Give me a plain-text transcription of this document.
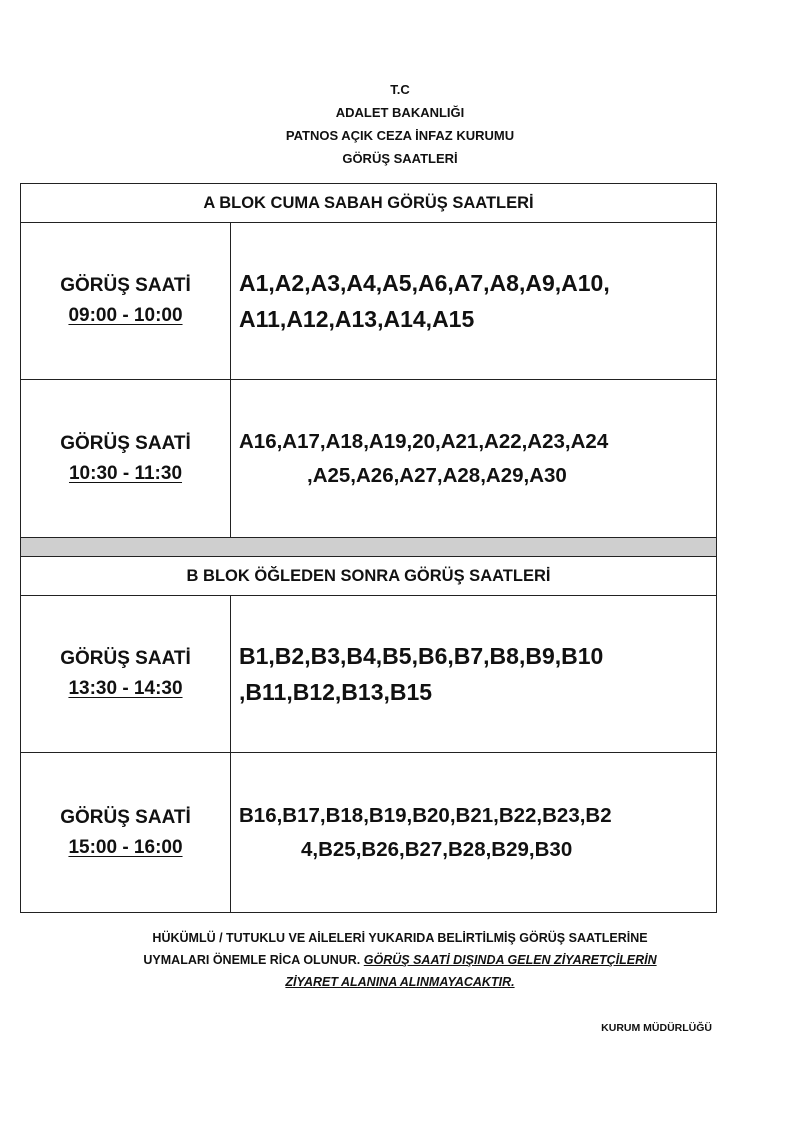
T.C
ADALET BAKANLIĞI
PATNOS AÇIK CEZA İNFAZ KURUMU
GÖRÜŞ SAATLERİ
A BLOK CUMA SABAH GÖRÜŞ SAATLERİ
GÖRÜŞ SAATİ
09:00 - 10:00
A1,A2,A3,A4,A5,A6,A7,A8,A9,A10,
A11,A12,A13,A14,A15
GÖRÜŞ SAATİ
10:30 - 11:30
A16,A17,A18,A19,20,A21,A22,A23,A24
,A25,A26,A27,A28,A29,A30
B BLOK ÖĞLEDEN SONRA GÖRÜŞ SAATLERİ
GÖRÜŞ SAATİ
13:30 - 14:30
B1,B2,B3,B4,B5,B6,B7,B8,B9,B10
,B11,B12,B13,B15
GÖRÜŞ SAATİ
15:00 - 16:00
B16,B17,B18,B19,B20,B21,B22,B23,B2
4,B25,B26,B27,B28,B29,B30
HÜKÜMLÜ / TUTUKLU VE AİLELERİ YUKARIDA BELİRTİLMİŞ GÖRÜŞ SAATLERİNE
UYMALARI ÖNEMLE RİCA OLUNUR. GÖRÜŞ SAATİ DIŞINDA GELEN ZİYARETÇİLERİN
ZİYARET ALANINA ALINMAYACAKTIR.
KURUM MÜDÜRLÜĞÜ
